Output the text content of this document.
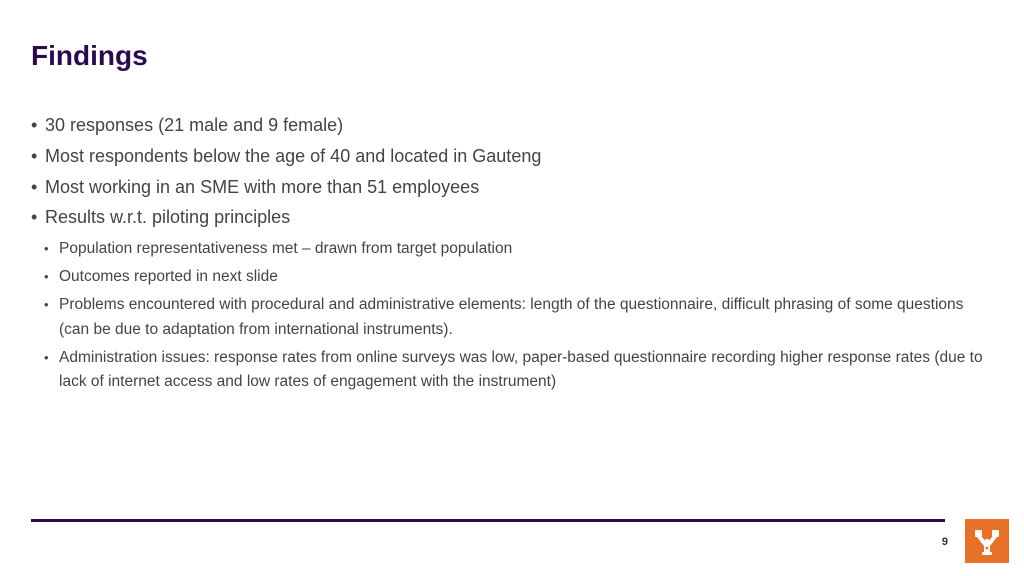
Findings
• 30 responses (21 male and 9 female)
• Most respondents below the age of 40 and located in Gauteng
• Most working in an SME with more than 51 employees
• Results w.r.t. piloting principles
• Population representativeness met – drawn from target population
• Outcomes reported in next slide
• Problems encountered with procedural and administrative elements: length of the questionnaire, difficult phrasing of some questions (can be due to adaptation from international instruments).
• Administration issues: response rates from online surveys was low, paper-based questionnaire recording higher response rates (due to lack of internet access and low rates of engagement with the instrument)
9
